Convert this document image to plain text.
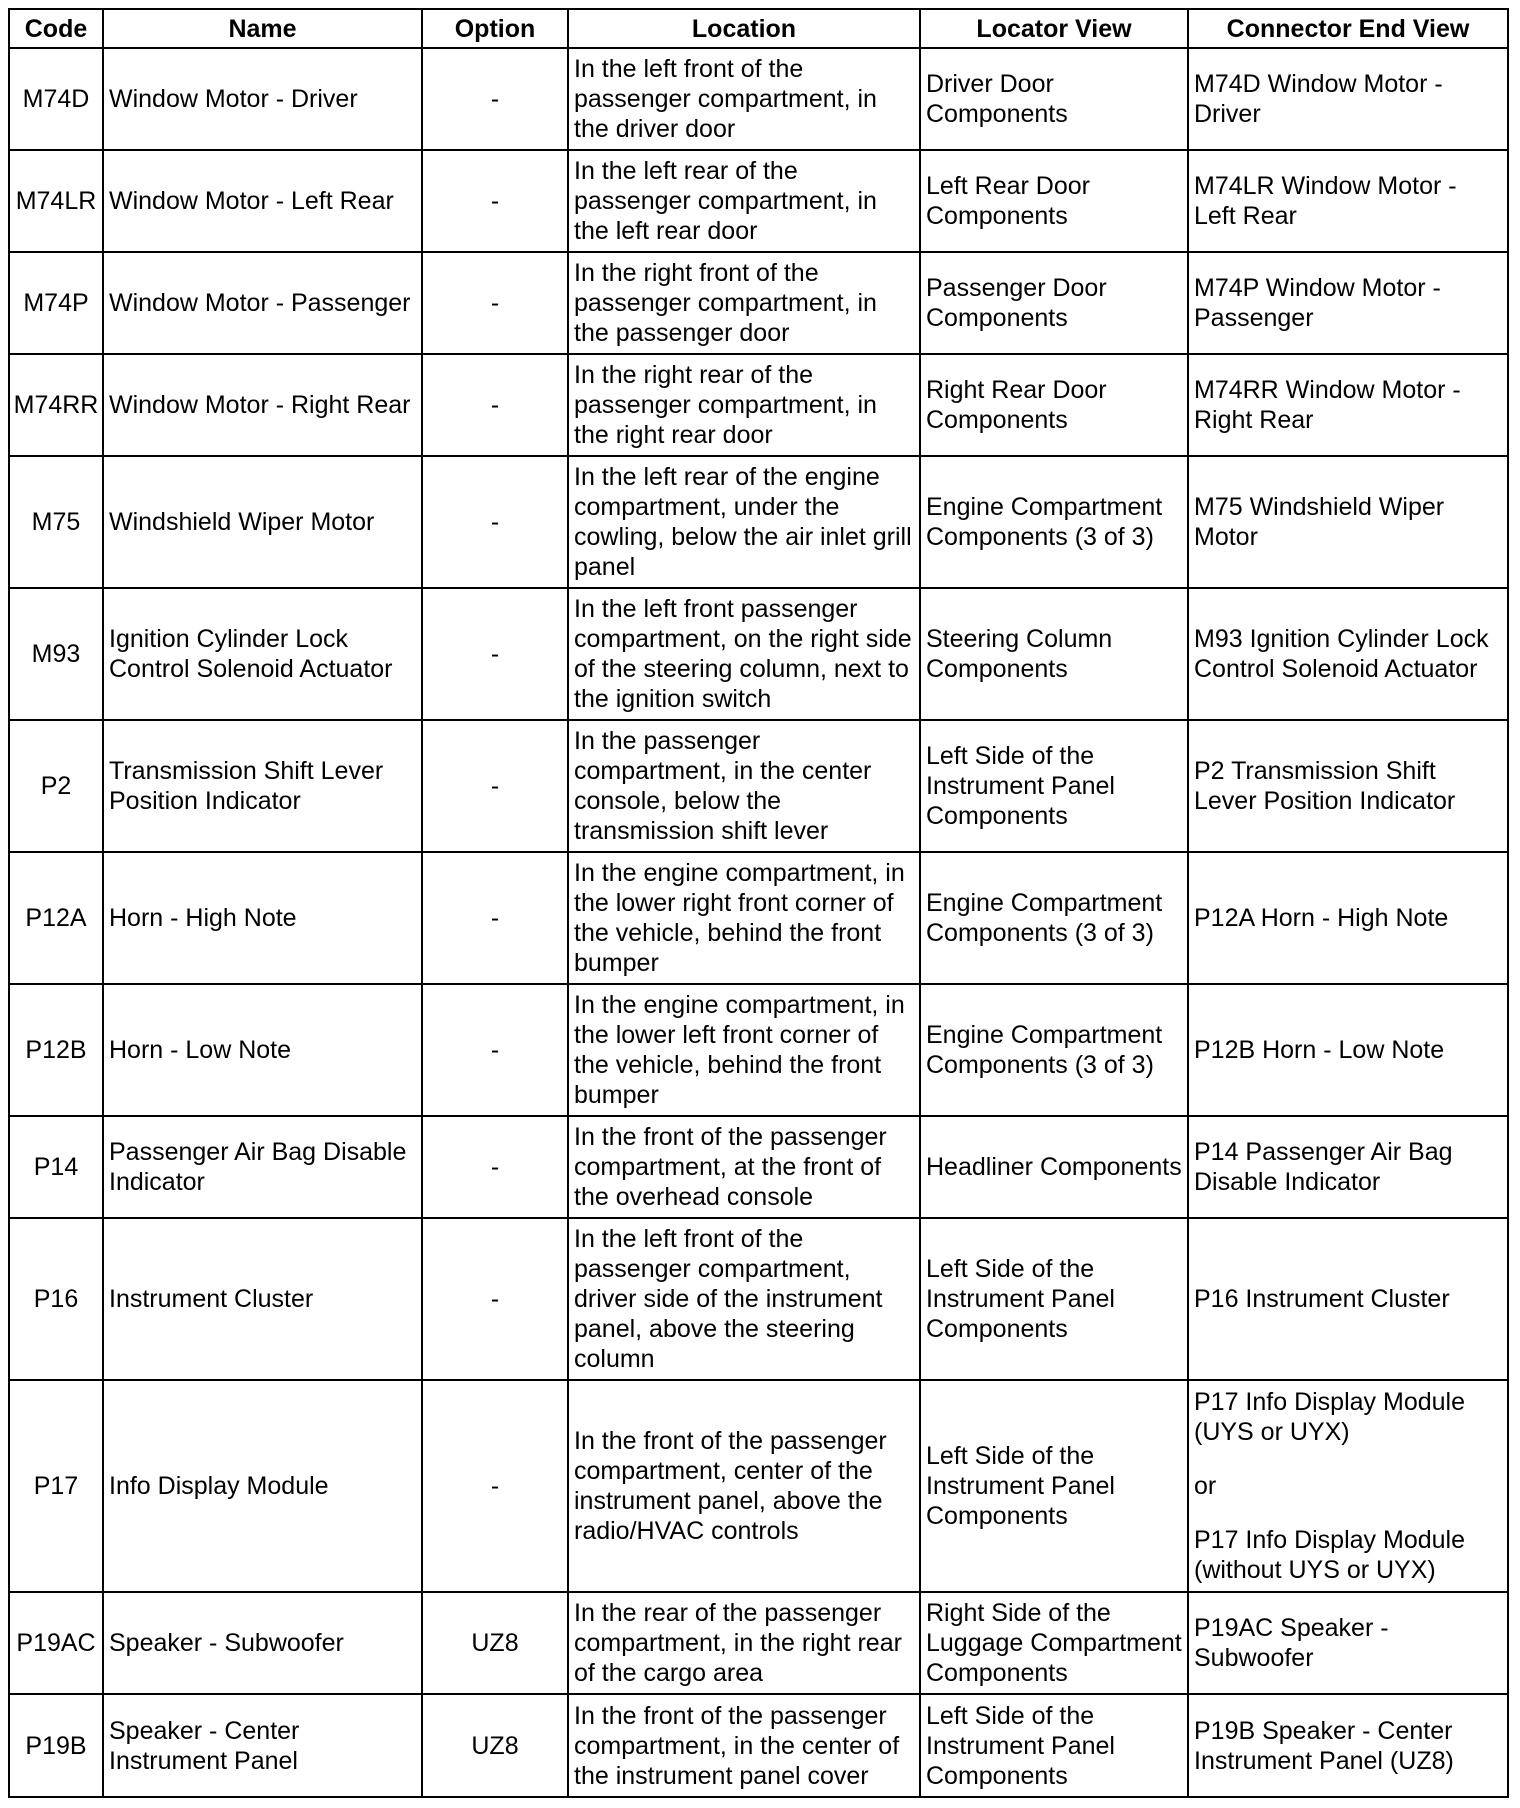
Code	Name	Option	Location	Locator View	Connector End View
M74D	Window Motor - Driver	-	In the left front of the passenger compartment, in the driver door	Driver Door Components	M74D Window Motor - Driver

M74LR	Window Motor - Left Rear	-	In the left rear of the passenger compartment, in the left rear door	Left Rear Door Components	M74LR Window Motor - Left Rear

M74P	Window Motor - Passenger	-	In the right front of the passenger compartment, in the passenger door	Passenger Door Components	M74P Window Motor - Passenger

M74RR	Window Motor - Right Rear	-	In the right rear of the passenger compartment, in the right rear door	Right Rear Door Components	M74RR Window Motor - Right Rear

M75	Windshield Wiper Motor	-	In the left rear of the engine compartment, under the cowling, below the air inlet grill panel	Engine Compartment Components (3 of 3)	M75 Windshield Wiper Motor

M93	Ignition Cylinder Lock Control Solenoid Actuator	-	In the left front passenger compartment, on the right side of the steering column, next to the ignition switch	Steering Column Components	M93 Ignition Cylinder Lock Control Solenoid Actuator

P2	Transmission Shift Lever Position Indicator	-	In the passenger compartment, in the center console, below the transmission shift lever	Left Side of the Instrument Panel Components	P2 Transmission Shift Lever Position Indicator

P12A	Horn - High Note	-	In the engine compartment, in the lower right front corner of the vehicle, behind the front bumper	Engine Compartment Components (3 of 3)	P12A Horn - High Note

P12B	Horn - Low Note	-	In the engine compartment, in the lower left front corner of the vehicle, behind the front bumper	Engine Compartment Components (3 of 3)	P12B Horn - Low Note

P14	Passenger Air Bag Disable Indicator	-	In the front of the passenger compartment, at the front of the overhead console	Headliner Components	P14 Passenger Air Bag Disable Indicator

P16	Instrument Cluster	-	In the left front of the passenger compartment, driver side of the instrument panel, above the steering column	Left Side of the Instrument Panel Components	P16 Instrument Cluster

P17	Info Display Module	-	In the front of the passenger compartment, center of the instrument panel, above the radio/HVAC controls	Left Side of the Instrument Panel Components	P17 Info Display Module (UYS or UYX)
or
P17 Info Display Module (without UYS or UYX)

P19AC	Speaker - Subwoofer	UZ8	In the rear of the passenger compartment, in the right rear of the cargo area	Right Side of the Luggage Compartment Components	P19AC Speaker - Subwoofer

P19B	Speaker - Center Instrument Panel	UZ8	In the front of the passenger compartment, in the center of the instrument panel cover	Left Side of the Instrument Panel Components	P19B Speaker - Center Instrument Panel (UZ8)
